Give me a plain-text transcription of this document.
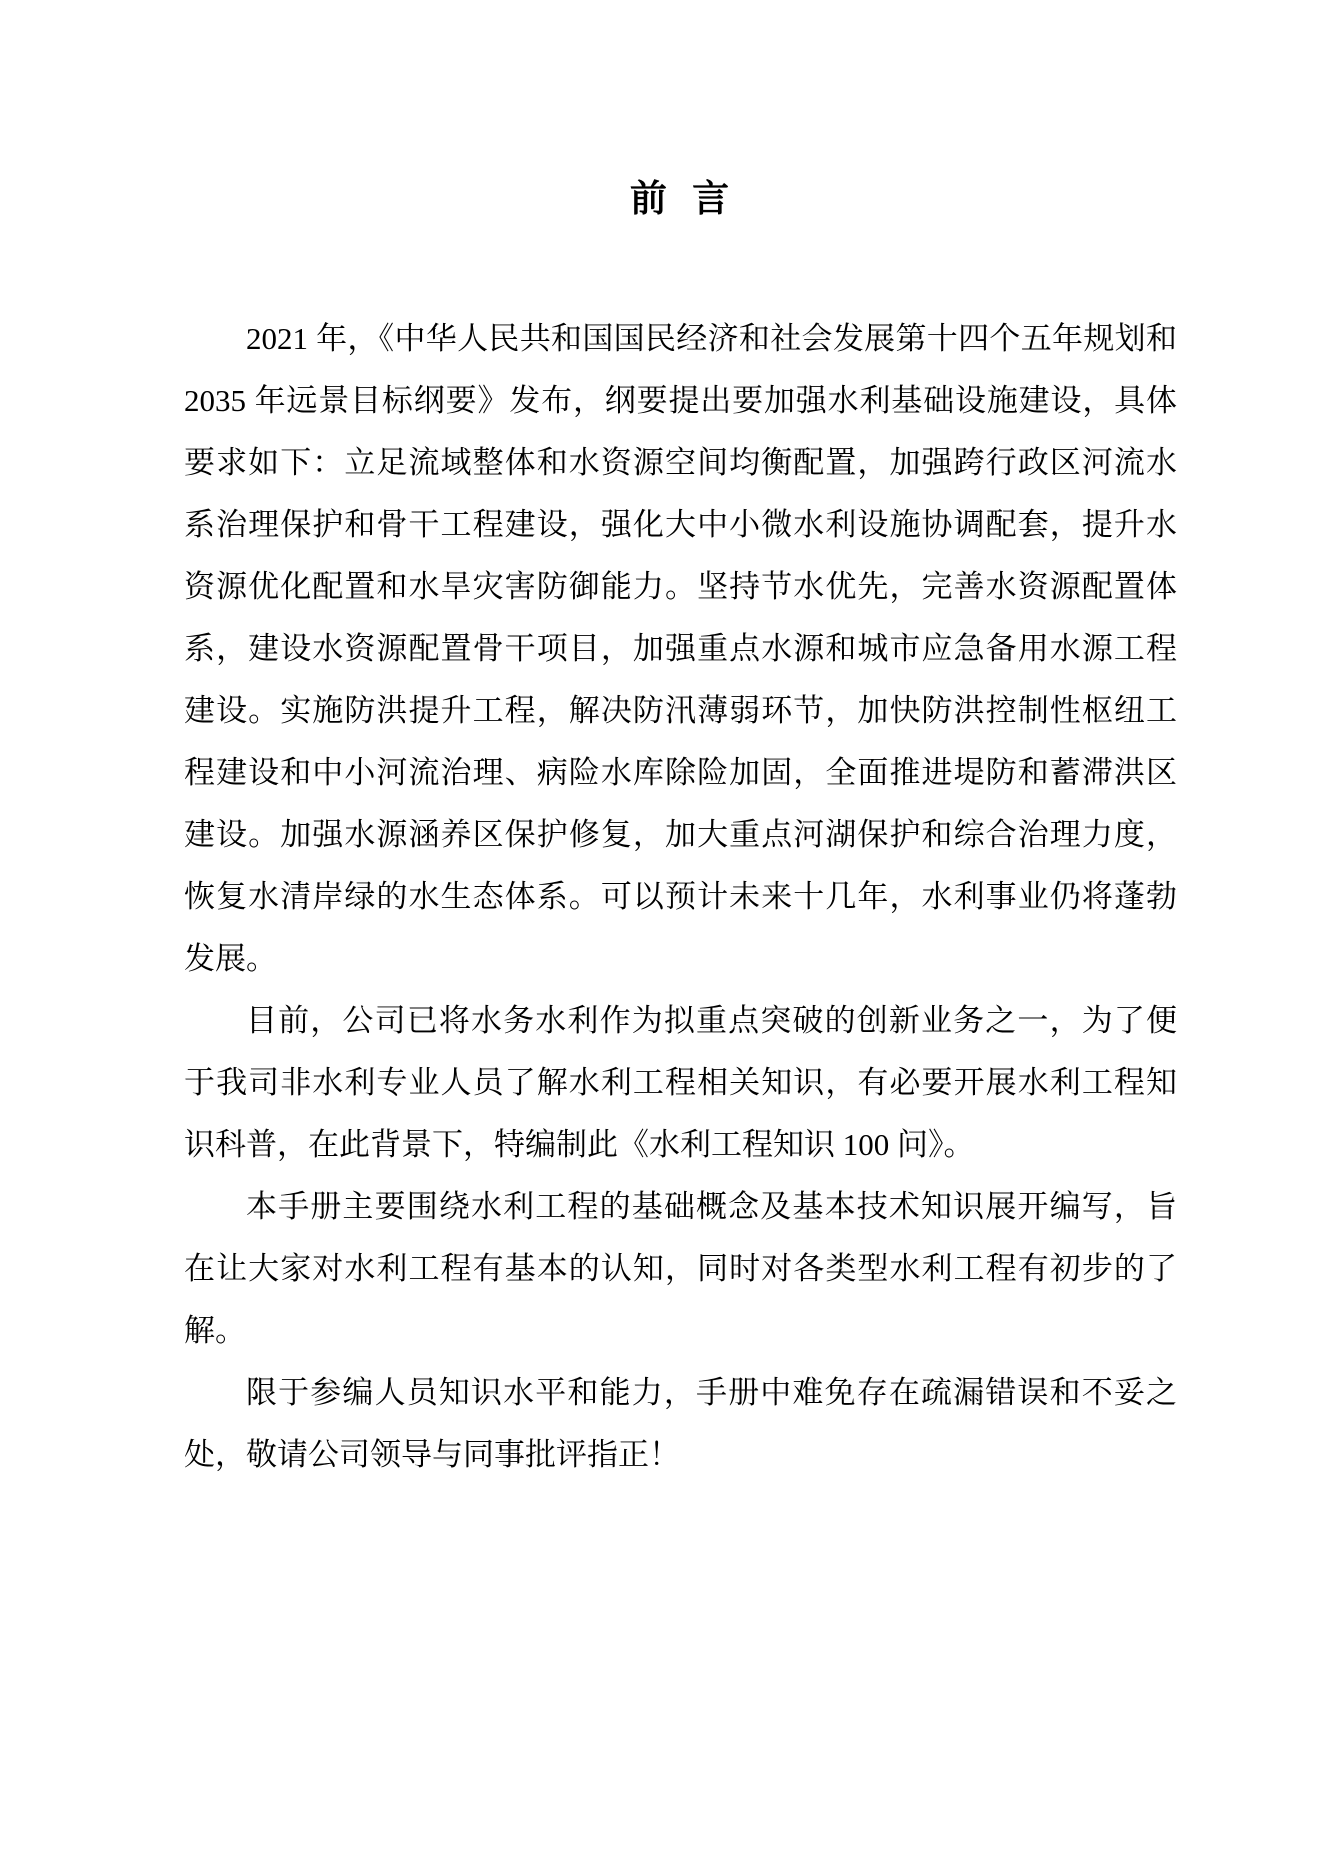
前 言
2021 年，《中华人民共和国国民经济和社会发展第十四个五年规划和
2035 年远景目标纲要》发布，纲要提出要加强水利基础设施建设，具体
要求如下：立足流域整体和水资源空间均衡配置，加强跨行政区河流水
系治理保护和骨干工程建设，强化大中小微水利设施协调配套，提升水
资源优化配置和水旱灾害防御能力。坚持节水优先，完善水资源配置体
系，建设水资源配置骨干项目，加强重点水源和城市应急备用水源工程
建设。实施防洪提升工程，解决防汛薄弱环节，加快防洪控制性枢纽工
程建设和中小河流治理、病险水库除险加固，全面推进堤防和蓄滞洪区
建设。加强水源涵养区保护修复，加大重点河湖保护和综合治理力度，
恢复水清岸绿的水生态体系。可以预计未来十几年，水利事业仍将蓬勃
发展。
目前，公司已将水务水利作为拟重点突破的创新业务之一，为了便
于我司非水利专业人员了解水利工程相关知识，有必要开展水利工程知
识科普，在此背景下，特编制此《水利工程知识 100 问》。
本手册主要围绕水利工程的基础概念及基本技术知识展开编写，旨
在让大家对水利工程有基本的认知，同时对各类型水利工程有初步的了
解。
限于参编人员知识水平和能力，手册中难免存在疏漏错误和不妥之
处，敬请公司领导与同事批评指正！
